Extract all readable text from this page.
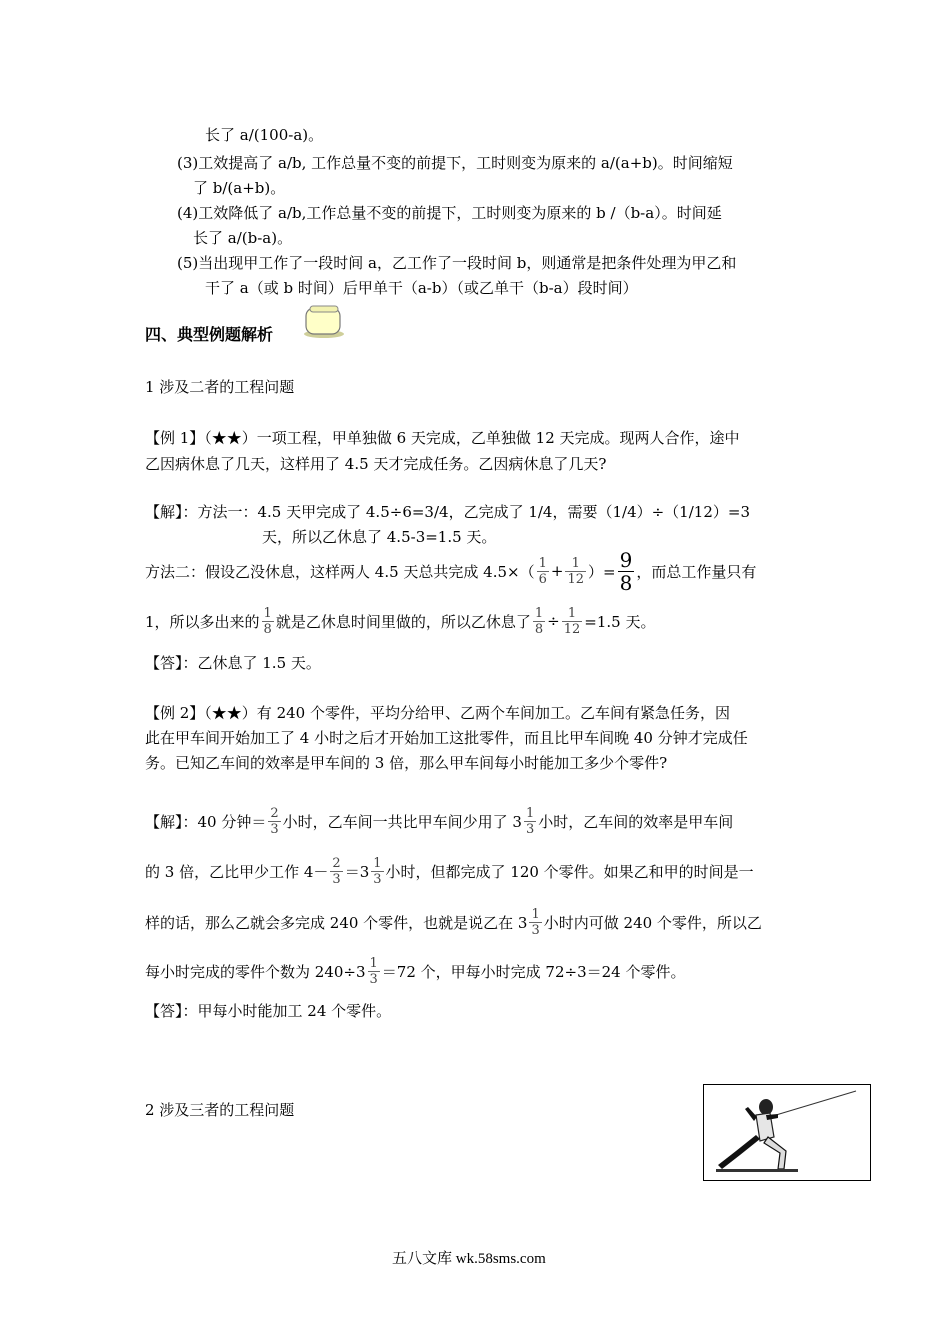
长了 a/(100-a)。
(3)工效提高了 a/b, 工作总量不变的前提下，工时则变为原来的 a/(a+b)。时间缩短
了 b/(a+b)。
(4)工效降低了 a/b,工作总量不变的前提下，工时则变为原来的 b /（b-a）。时间延
长了 a/(b-a)。
(5)当出现甲工作了一段时间 a，乙工作了一段时间 b，则通常是把条件处理为甲乙和
干了 a（或 b 时间）后甲单干（a-b）（或乙单干（b-a）段时间）
四、典型例题解析
1 涉及二者的工程问题
【例 1】（★★）一项工程，甲单独做 6 天完成，乙单独做 12 天完成。现两人合作，途中
乙因病休息了几天，这样用了 4.5 天才完成任务。乙因病休息了几天?
【解】：方法一：4.5 天甲完成了 4.5÷6=3/4，乙完成了 1/4，需要（1/4）÷（1/12）=3
天，所以乙休息了 4.5-3=1.5 天。
方法二：假设乙没休息，这样两人 4.5 天总共完成 $4.5\times( \frac{1}{6} + \frac{1}{12}$ ）= $\frac{9}{8}$ ，而总工作量只有
1，所以多出来的 $\frac{1}{8}$ 就是乙休息时间里做的，所以乙休息了 $\frac{1}{8} \div \frac{1}{12} =1.5$ 天。
【答】：乙休息了 1.5 天。
【例 2】（★★）有 240 个零件，平均分给甲、乙两个车间加工。乙车间有紧急任务，因
此在甲车间开始加工了 4 小时之后才开始加工这批零件，而且比甲车间晚 40 分钟才完成任
务。已知乙车间的效率是甲车间的 3 倍，那么甲车间每小时能加工多少个零件?
【解】：40 分钟＝ $\frac{2}{3}$ 小时，乙车间一共比甲车间少用了 $3 \frac{1}{3}$ 小时，乙车间的效率是甲车间
的 3 倍，乙比甲少工作 $4- \frac{2}{3} =3 \frac{1}{3}$ 小时，但都完成了 120 个零件。如果乙和甲的时间是一
样的话，那么乙就会多完成 240 个零件，也就是说乙在 $3 \frac{1}{3}$ 小时内可做 240 个零件，所以乙
每小时完成的零件个数为 $240\div 3 \frac{1}{3} =72$ 个，甲每小时完成 72÷3＝24 个零件。
【答】：甲每小时能加工 24 个零件。
2 涉及三者的工程问题
五八文库 wk.58sms.com
